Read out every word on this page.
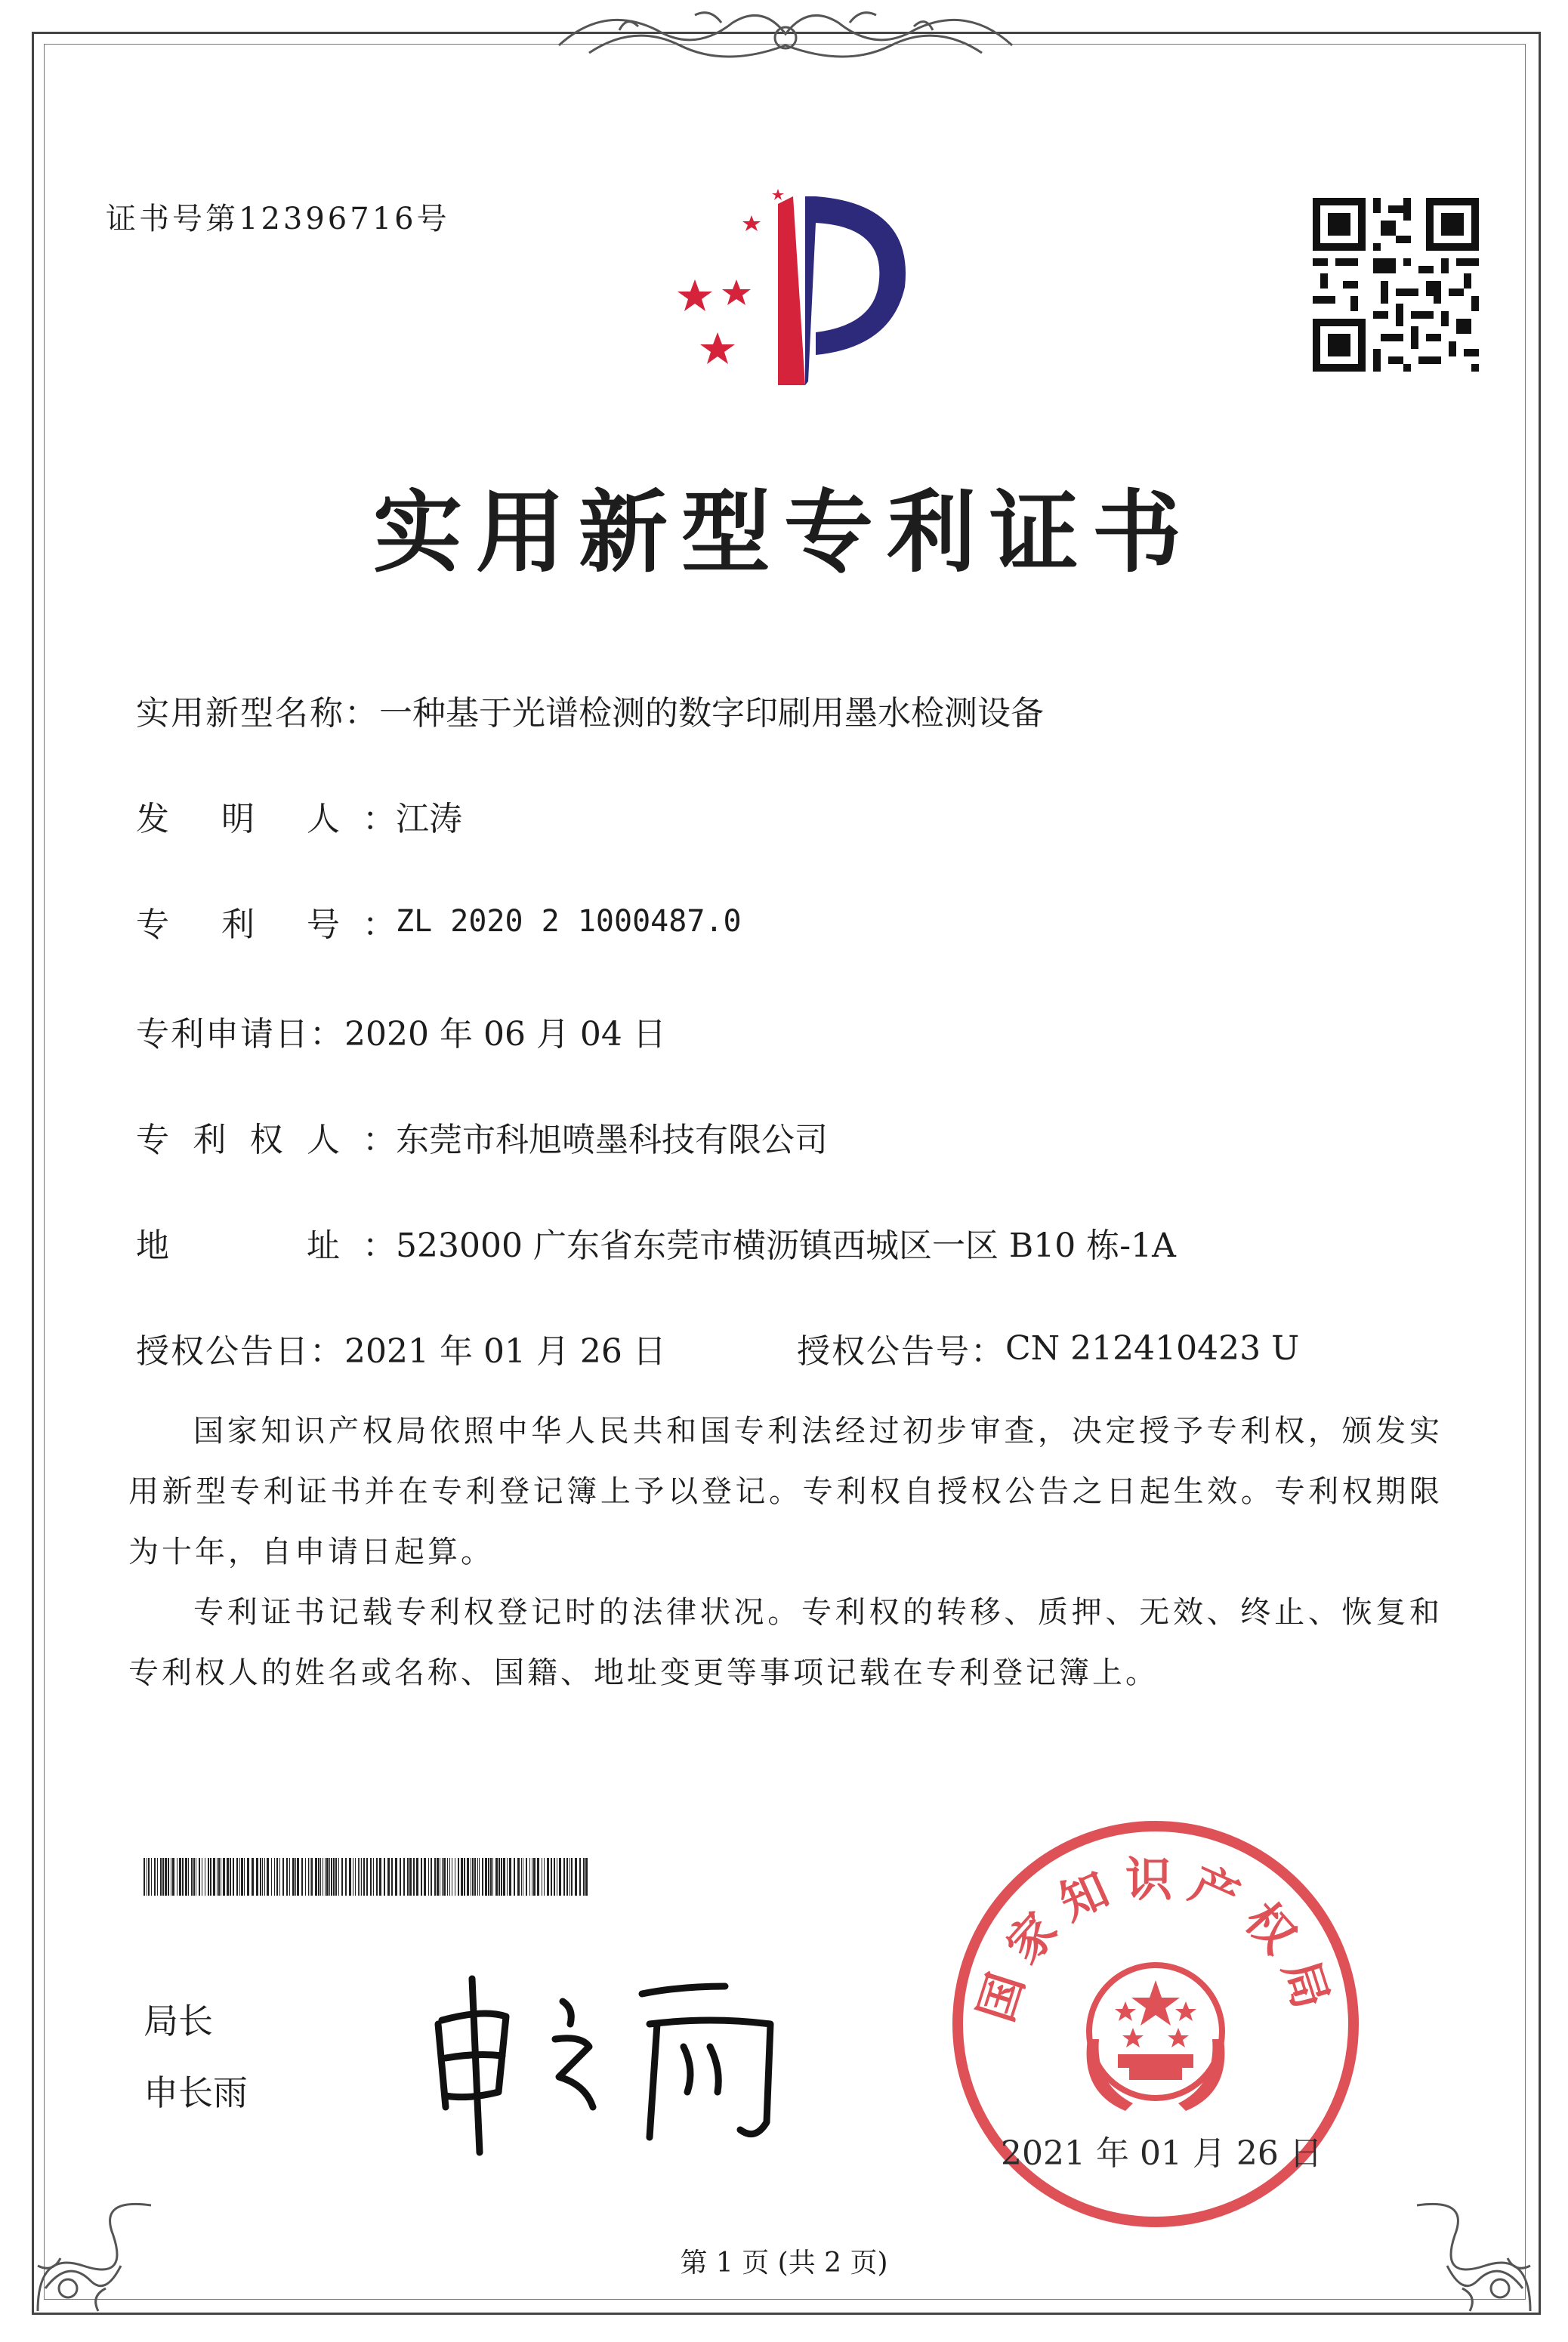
证书号第12396716号
实用新型专利证书
实用新型名称： 一种基于光谱检测的数字印刷用墨水检测设备
发 明 人 ： 江涛
专 利 号 ： ZL 2020 2 1000487.0
专利申请日： 2020 年 06 月 04 日
专 利 权 人 ： 东莞市科旭喷墨科技有限公司
地	址 ： 523000 广东省东莞市横沥镇西城区一区 B10 栋-1A
授权公告日： 2021 年 01 月 26 日	授权公告号： CN 212410423 U

国家知识产权局依照中华人民共和国专利法经过初步审查，决定授予专利权，颁发实用新型专利证书并在专利登记簿上予以登记。专利权自授权公告之日起生效。专利权期限为十年，自申请日起算。

专利证书记载专利权登记时的法律状况。专利权的转移、质押、无效、终止、恢复和专利权人的姓名或名称、国籍、地址变更等事项记载在专利登记簿上。

局长
申长雨
国家知识产权局
2021 年 01 月 26 日
第 1 页 (共 2 页)
